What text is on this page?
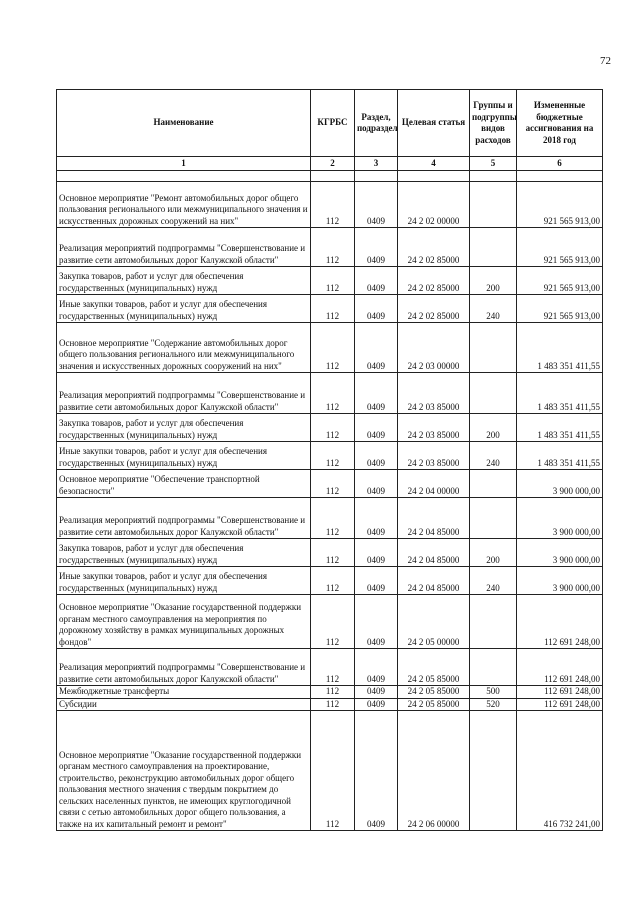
72
Наименование	КГРБС	Раздел, подраздел	Целевая статья	Группы и подгруппы видов расходов	Измененные бюджетные ассигнования на 2018 год
1	2	3	4	5	6

Основное мероприятие "Ремонт автомобильных дорог общего пользования регионального или межмуниципального значения и искусственных дорожных сооружений на них"	112	0409	24 2 02 00000		921 565 913,00
Реализация мероприятий подпрограммы "Совершенствование и развитие сети автомобильных дорог Калужской области"	112	0409	24 2 02 85000		921 565 913,00
Закупка товаров, работ и услуг для обеспечения государственных (муниципальных) нужд	112	0409	24 2 02 85000	200	921 565 913,00
Иные закупки товаров, работ и услуг для обеспечения государственных (муниципальных) нужд	112	0409	24 2 02 85000	240	921 565 913,00
Основное мероприятие "Содержание автомобильных дорог общего пользования регионального или межмуниципального значения и искусственных дорожных сооружений на них"	112	0409	24 2 03 00000		1 483 351 411,55
Реализация мероприятий подпрограммы "Совершенствование и развитие сети автомобильных дорог Калужской области"	112	0409	24 2 03 85000		1 483 351 411,55
Закупка товаров, работ и услуг для обеспечения государственных (муниципальных) нужд	112	0409	24 2 03 85000	200	1 483 351 411,55
Иные закупки товаров, работ и услуг для обеспечения государственных (муниципальных) нужд	112	0409	24 2 03 85000	240	1 483 351 411,55
Основное мероприятие "Обеспечение транспортной безопасности"	112	0409	24 2 04 00000		3 900 000,00
Реализация мероприятий подпрограммы "Совершенствование и развитие сети автомобильных дорог Калужской области"	112	0409	24 2 04 85000		3 900 000,00
Закупка товаров, работ и услуг для обеспечения государственных (муниципальных) нужд	112	0409	24 2 04 85000	200	3 900 000,00
Иные закупки товаров, работ и услуг для обеспечения государственных (муниципальных) нужд	112	0409	24 2 04 85000	240	3 900 000,00
Основное мероприятие "Оказание государственной поддержки органам местного самоуправления на мероприятия по дорожному хозяйству в рамках муниципальных дорожных фондов"	112	0409	24 2 05 00000		112 691 248,00
Реализация мероприятий подпрограммы "Совершенствование и развитие сети автомобильных дорог Калужской области"	112	0409	24 2 05 85000		112 691 248,00
Межбюджетные трансферты	112	0409	24 2 05 85000	500	112 691 248,00
Субсидии	112	0409	24 2 05 85000	520	112 691 248,00
Основное мероприятие "Оказание государственной поддержки органам местного самоуправления на проектирование, строительство, реконструкцию автомобильных дорог общего пользования местного значения с твердым покрытием до сельских населенных пунктов, не имеющих круглогодичной связи с сетью автомобильных дорог общего пользования, а также на их капитальный ремонт и ремонт"	112	0409	24 2 06 00000		416 732 241,00
